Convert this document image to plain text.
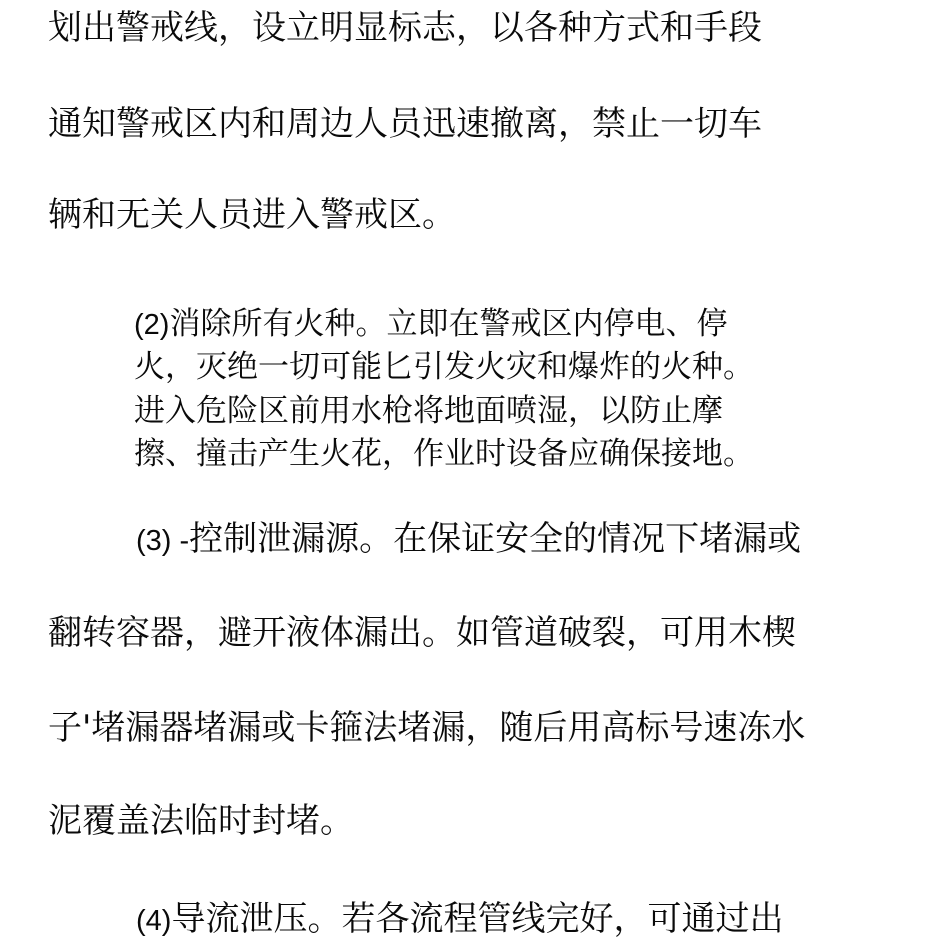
划出警戒线，设立明显标志，以各种方式和手段

通知警戒区内和周边人员迅速撤离，禁止一切车

辆和无关人员进入警戒区。

(2)消除所有火种。立即在警戒区内停电、停

火，灭绝一切可能匕引发火灾和爆炸的火种。

进入危险区前用水枪将地面喷湿，以防止摩

擦、撞击产生火花，作业时设备应确保接地。

(3) -控制泄漏源。在保证安全的情况下堵漏或

翻转容器，避开液体漏出。如管道破裂，可用木楔

子'堵漏器堵漏或卡箍法堵漏，随后用高标号速冻水

泥覆盖法临时封堵。

(4)导流泄压。若各流程管线完好，可通过出
